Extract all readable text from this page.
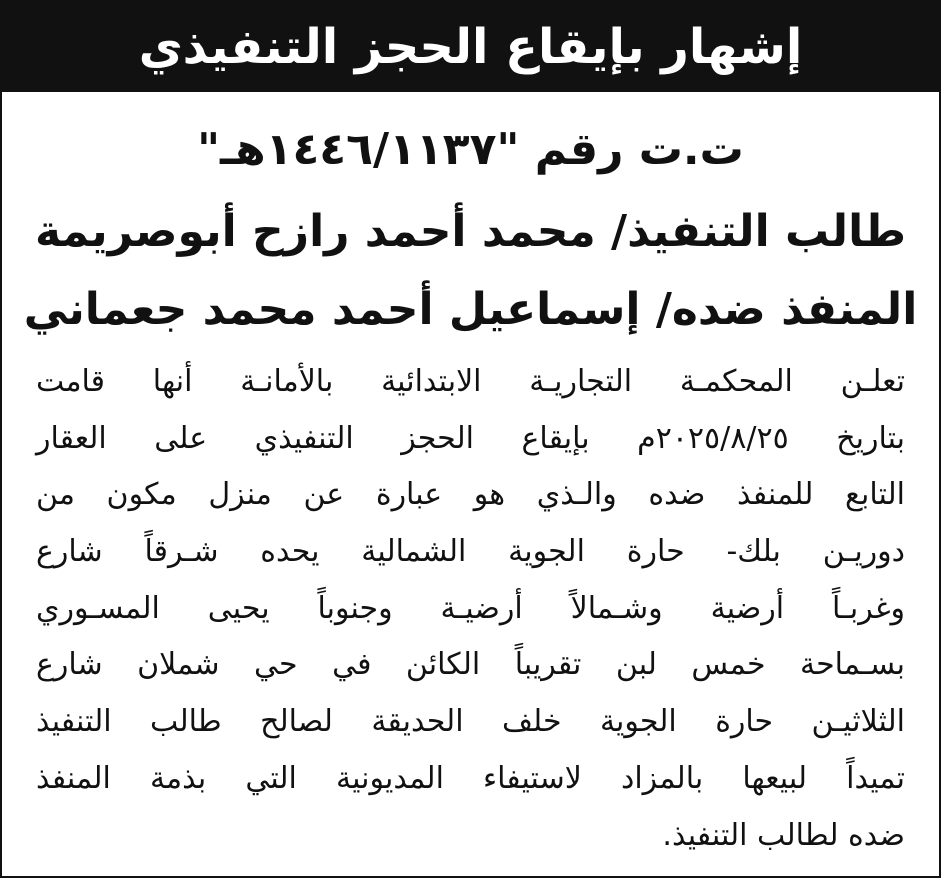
إشهار بإيقاع الحجز التنفيذي
ت.ت رقم "١٤٤٦/١١٣٧هـ"
طالب التنفيذ/ محمد أحمد رازح أبوصريمة
المنفذ ضده/ إسماعيل أحمد محمد جعماني
تعلـن المحكمـة التجاريـة الابتدائية بالأمانـة أنها قامت
بتاريخ ٢٠٢٥/٨/٢٥م بإيقاع الحجز التنفيذي على العقار
التابع للمنفذ ضده والـذي هو عبارة عن منزل مكون من
دوريـن بلك- حارة الجوية الشمالية يحده شـرقاً شارع
وغربـاً أرضية وشـمالاً أرضيـة وجنوباً يحيى المسـوري
بسـماحة خمس لبن تقريباً الكائن في حي شملان شارع
الثلاثيـن حارة الجوية خلف الحديقة لصالح طالب التنفيذ
تميداً لبيعها بالمزاد لاستيفاء المديونية التي بذمة المنفذ
ضده لطالب التنفيذ.
